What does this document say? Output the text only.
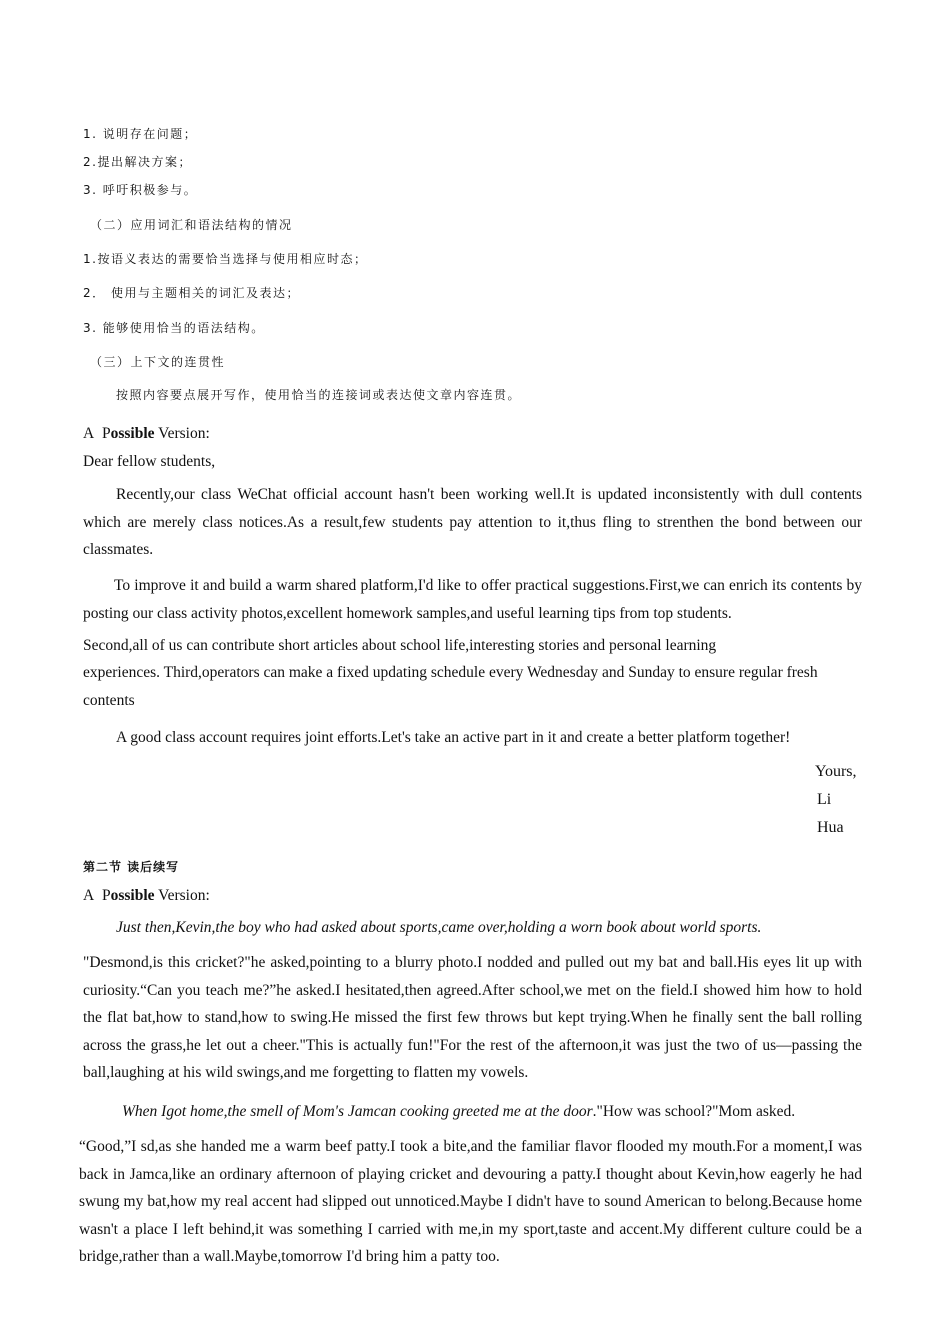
1. 说明存在问题；
2.提出解决方案；
3. 呼吁积极参与。
（二）应用词汇和语法结构的情况
1.按语义表达的需要恰当选择与使用相应时态；
2． 使用与主题相关的词汇及表达；
3. 能够使用恰当的语法结构。
（三）上下文的连贯性
按照内容要点展开写作，使用恰当的连接词或表达使文章内容连贯。
A Possible Version:
Dear fellow students,
Recently,our class WeChat official account hasn't been working well.It is updated inconsistently with dull contents which are merely class notices.As a result,few students pay attention to it,thus fling to strenthen the bond between our classmates.
To improve it and build a warm shared platform,I'd like to offer practical suggestions.First,we can enrich its contents by posting our class activity photos,excellent homework samples,and useful learning tips from top students.
Second,all of us can contribute short articles about school life,interesting stories and personal learning
experiences. Third,operators can make a fixed updating schedule every Wednesday and Sunday to ensure regular fresh
contents
A good class account requires joint efforts.Let's take an active part in it and create a better platform together!
Yours,
Li
Hua
第二节 读后续写
A Possible Version:
Just then,Kevin,the boy who had asked about sports,came over,holding a worn book about world sports.
"Desmond,is this cricket?"he asked,pointing to a blurry photo.I nodded and pulled out my bat and ball.His eyes lit up with curiosity.“Can you teach me?”he asked.I hesitated,then agreed.After school,we met on the field.I showed him how to hold the flat bat,how to stand,how to swing.He missed the first few throws but kept trying.When he finally sent the ball rolling across the grass,he let out a cheer."This is actually fun!"For the rest of the afternoon,it was just the two of us—passing the ball,laughing at his wild swings,and me forgetting to flatten my vowels.
When Igot home,the smell of Mom's Jamcan cooking greeted me at the door."How was school?"Mom asked.
“Good,”I sd,as she handed me a warm beef patty.I took a bite,and the familiar flavor flooded my mouth.For a moment,I was back in Jamca,like an ordinary afternoon of playing cricket and devouring a patty.I thought about Kevin,how eagerly he had swung my bat,how my real accent had slipped out unnoticed.Maybe I didn't have to sound American to belong.Because home wasn't a place I left behind,it was something I carried with me,in my sport,taste and accent.My different culture could be a bridge,rather than a wall.Maybe,tomorrow I'd bring him a patty too.
